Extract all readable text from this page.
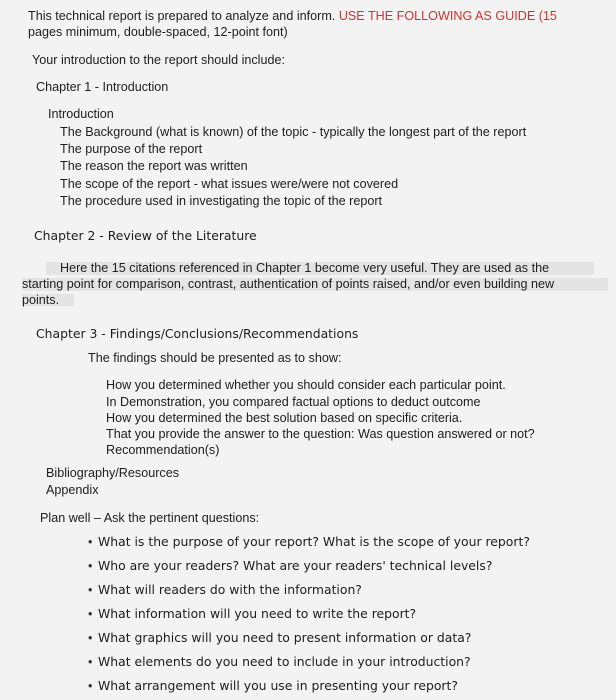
This technical report is prepared to analyze and inform. USE THE FOLLOWING AS GUIDE (15
pages minimum, double-spaced, 12-point font)
Your introduction to the report should include:
Chapter 1 - Introduction
Introduction
The Background (what is known) of the topic - typically the longest part of the report
The purpose of the report
The reason the report was written
The scope of the report - what issues were/were not covered
The procedure used in investigating the topic of the report
Chapter 2 - Review of the Literature
Here the 15 citations referenced in Chapter 1 become very useful. They are used as the
starting point for comparison, contrast, authentication of points raised, and/or even building new
points.
Chapter 3 - Findings/Conclusions/Recommendations
The findings should be presented as to show:
How you determined whether you should consider each particular point.
In Demonstration, you compared factual options to deduct outcome
How you determined the best solution based on specific criteria.
That you provide the answer to the question: Was question answered or not?
Recommendation(s)
Bibliography/Resources
Appendix
Plan well – Ask the pertinent questions:
• What is the purpose of your report? What is the scope of your report?
• Who are your readers? What are your readers' technical levels?
• What will readers do with the information?
• What information will you need to write the report?
• What graphics will you need to present information or data?
• What elements do you need to include in your introduction?
• What arrangement will you use in presenting your report?
